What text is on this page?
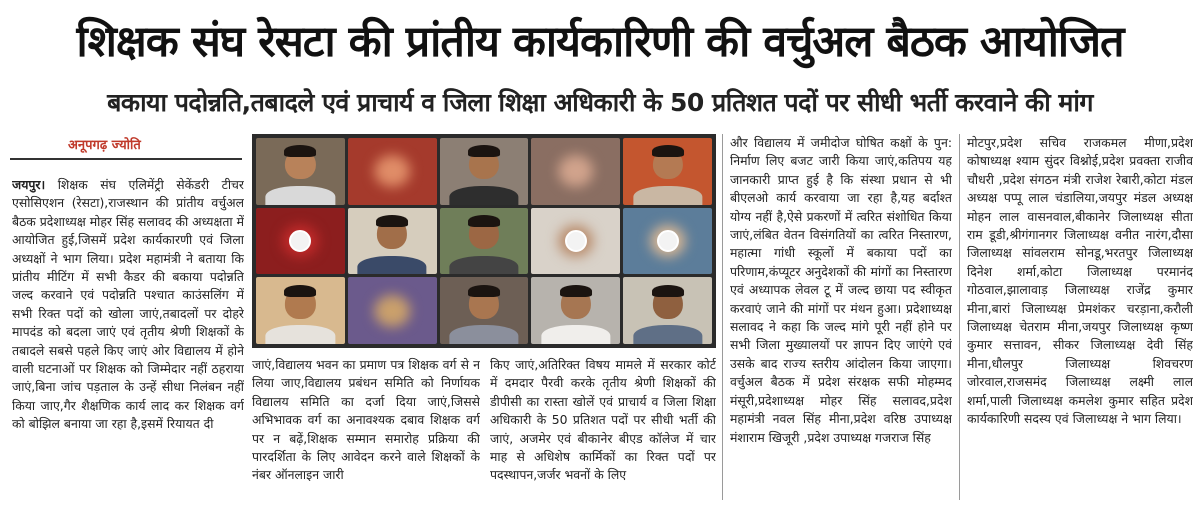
शिक्षक संघ रेसटा की प्रांतीय कार्यकारिणी की वर्चुअल बैठक आयोजित
बकाया पदोन्नति,तबादले एवं प्राचार्य व जिला शिक्षा अधिकारी के 50 प्रतिशत पदों पर सीधी भर्ती करवाने की मांग
अनूपगढ़ ज्योति
जयपुर। शिक्षक संघ एलिमेंट्री सेकेंडरी टीचर एसोसिएशन (रेसटा),राजस्थान की प्रांतीय वर्चुअल बैठक प्रदेशाध्यक्ष मोहर सिंह सलावद की अध्यक्षता में आयोजित हुई,जिसमें प्रदेश कार्यकारणी एवं जिला अध्यक्षों ने भाग लिया। प्रदेश महामंत्री ने बताया कि प्रांतीय मीटिंग में सभी कैडर की बकाया पदोन्नति जल्द करवाने एवं पदोन्नति पश्चात काउंसलिंग में सभी रिक्त पदों को खोला जाएं,तबादलों पर दोहरे मापदंड को बदला जाएं एवं तृतीय श्रेणी शिक्षकों के तबादले सबसे पहले किए जाएं ओर विद्यालय में होने वाली घटनाओं पर शिक्षक को जिम्मेदार नहीं ठहराया जाएं,बिना जांच पड़ताल के उन्हें सीधा निलंबन नहीं किया जाए,गैर शैक्षणिक कार्य लाद कर शिक्षक वर्ग को बोझिल बनाया जा रहा है,इसमें रियायत दी
जाएं,विद्यालय भवन का प्रमाण पत्र शिक्षक वर्ग से न लिया जाए,विद्यालय प्रबंधन समिति को निर्णायक विद्यालय समिति का दर्जा दिया जाएं,जिससे अभिभावक वर्ग का अनावश्यक दबाव शिक्षक वर्ग पर न बढ़ें,शिक्षक सम्मान समारोह प्रक्रिया की पारदर्शिता के लिए आवेदन करने वाले शिक्षकों के नंबर ऑनलाइन जारी
किए जाएं,अतिरिक्त विषय मामले में सरकार कोर्ट में दमदार पैरवी करके तृतीय श्रेणी शिक्षकों की डीपीसी का रास्ता खोलें एवं प्राचार्य व जिला शिक्षा अधिकारी के 50 प्रतिशत पदों पर सीधी भर्ती की जाएं, अजमेर एवं बीकानेर बीएड कॉलेज में चार माह से अधिशेष कार्मिकों का रिक्त पदों पर पदस्थापन,जर्जर भवनों के लिए
और विद्यालय में जमीदोज घोषित कक्षों के पुन: निर्माण लिए बजट जारी किया जाएं,कतिपय यह जानकारी प्राप्त हुई है कि संस्था प्रधान से भी बीएलओ कार्य करवाया जा रहा है,यह बर्दाश्त योग्य नहीं है,ऐसे प्रकरणों में त्वरित संशोधित किया जाएं,लंबित वेतन विसंगतियों का त्वरित निस्तारण, महात्मा गांधी स्कूलों में बकाया पदों का परिणाम,कंप्यूटर अनुदेशकों की मांगों का निस्तारण एवं अध्यापक लेवल टू में जल्द छाया पद स्वीकृत करवाएं जाने की मांगों पर मंथन हुआ। प्रदेशाध्यक्ष सलावद ने कहा कि जल्द मांगे पूरी नहीं होने पर सभी जिला मुख्यालयों पर ज्ञापन दिए जाएंगे एवं उसके बाद राज्य स्तरीय आंदोलन किया जाएगा। वर्चुअल बैठक में प्रदेश संरक्षक सफी मोहम्मद मंसूरी,प्रदेशाध्यक्ष मोहर सिंह सलावद,प्रदेश महामंत्री नवल सिंह मीना,प्रदेश वरिष्ठ उपाध्यक्ष मंशाराम खिजूरी ,प्रदेश उपाध्यक्ष गजराज सिंह
मोटपुर,प्रदेश सचिव राजकमल मीणा,प्रदेश कोषाध्यक्ष श्याम सुंदर विश्नोई,प्रदेश प्रवक्ता राजीव चौधरी ,प्रदेश संगठन मंत्री राजेश रेबारी,कोटा मंडल अध्यक्ष पप्पू लाल चंडालिया,जयपुर मंडल अध्यक्ष मोहन लाल वासनवाल,बीकानेर जिलाध्यक्ष सीता राम डूडी,श्रीगंगानगर जिलाध्यक्ष वनीत नारंग,दौसा जिलाध्यक्ष सांवलराम सोनडू,भरतपुर जिलाध्यक्ष दिनेश शर्मा,कोटा जिलाध्यक्ष परमानंद गोठवाल,झालावाड़ जिलाध्यक्ष राजेंद्र कुमार मीना,बारां जिलाध्यक्ष प्रेमशंकर चरड़ाना,करौली जिलाध्यक्ष चेतराम मीना,जयपुर जिलाध्यक्ष कृष्ण कुमार सत्तावन, सीकर जिलाध्यक्ष देवी सिंह मीना,धौलपुर जिलाध्यक्ष शिवचरण जोरवाल,राजसमंद जिलाध्यक्ष लक्ष्मी लाल शर्मा,पाली जिलाध्यक्ष कमलेश कुमार सहित प्रदेश कार्यकारिणी सदस्य एवं जिलाध्यक्ष ने भाग लिया।
